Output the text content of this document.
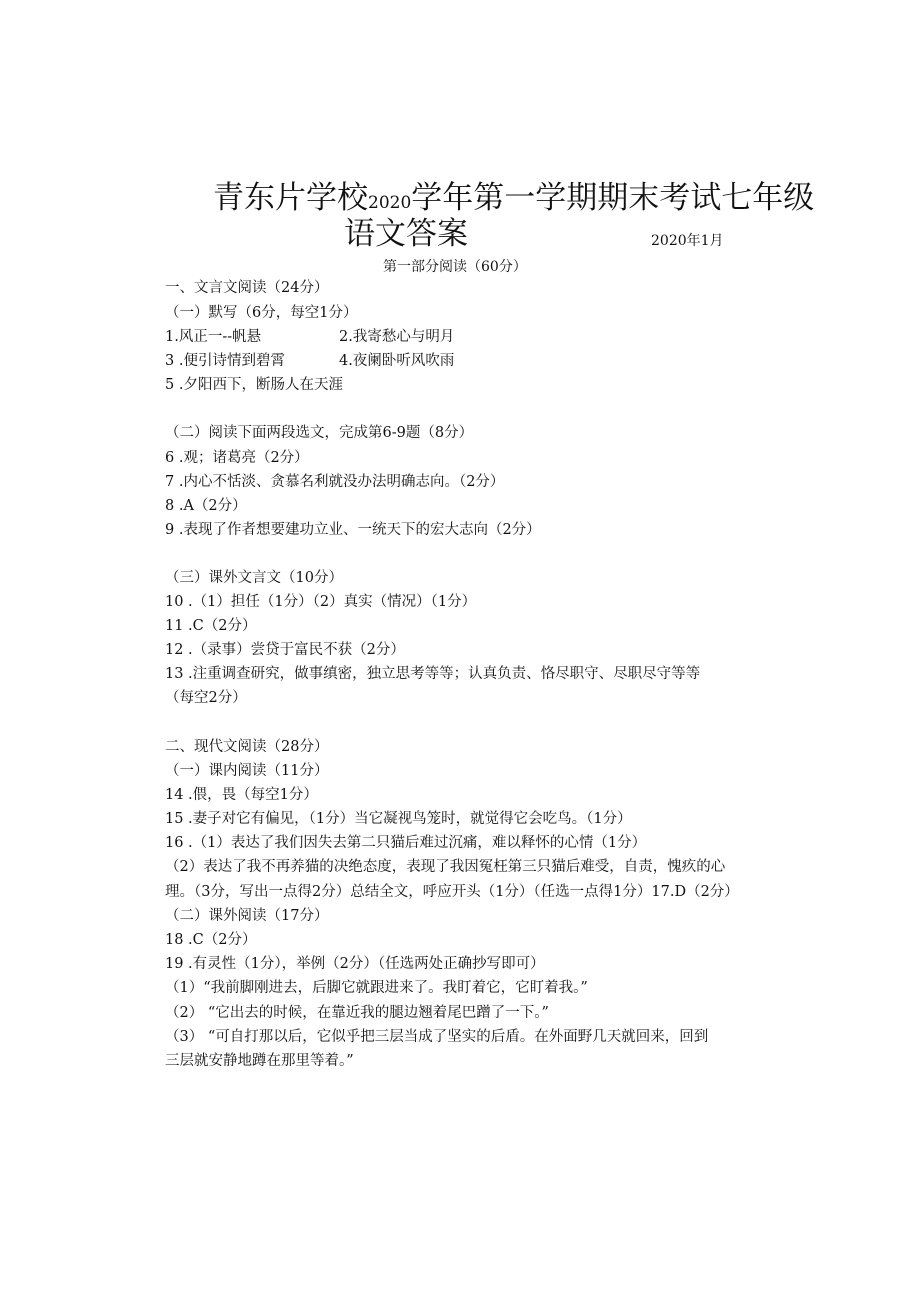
青东片学校2020学年第一学期期末考试七年级
语文答案	2020年1月
第一部分阅读（60分）
一、文言文阅读（24分）
（一）默写（6分，每空1分）
1.风正一--帆悬	2.我寄愁心与明月
3 .便引诗情到碧霄	4.夜阑卧听风吹雨
5 .夕阳西下，断肠人在天涯
（二）阅读下面两段选文，完成第6-9题（8分）
6 .观；诸葛亮（2分）
7 .内心不恬淡、贪慕名利就没办法明确志向。（2分）
8 .A（2分）
9 .表现了作者想要建功立业、一统天下的宏大志向（2分）
（三）课外文言文（10分）
10 .（1）担任（1分）（2）真实（情况）（1分）
11 .C（2分）
12 .（录事）尝贷于富民不获（2分）
13 .注重调查研究，做事缜密，独立思考等等；认真负责、恪尽职守、尽职尽守等等
（每空2分）
二、现代文阅读（28分）
（一）课内阅读（11分）
14 .偎，畏（每空1分）
15 .妻子对它有偏见，（1分）当它凝视鸟笼时，就觉得它会吃鸟。（1分）
16 .（1）表达了我们因失去第二只猫后难过沉痛，难以释怀的心情（1分）
（2）表达了我不再养猫的决绝态度，表现了我因冤枉第三只猫后难受，自责，愧疚的心
理。（3分，写出一点得2分）总结全文，呼应开头（1分）（任选一点得1分）17.D（2分）
（二）课外阅读（17分）
18 .C（2分）
19 .有灵性（1分），举例（2分）（任选两处正确抄写即可）
（1）“我前脚刚进去，后脚它就跟进来了。我盯着它，它盯着我。”
（2） “它出去的时候，在靠近我的腿边翘着尾巴蹭了一下。”
（3） “可自打那以后，它似乎把三层当成了坚实的后盾。在外面野几天就回来，回到
三层就安静地蹲在那里等着。”
